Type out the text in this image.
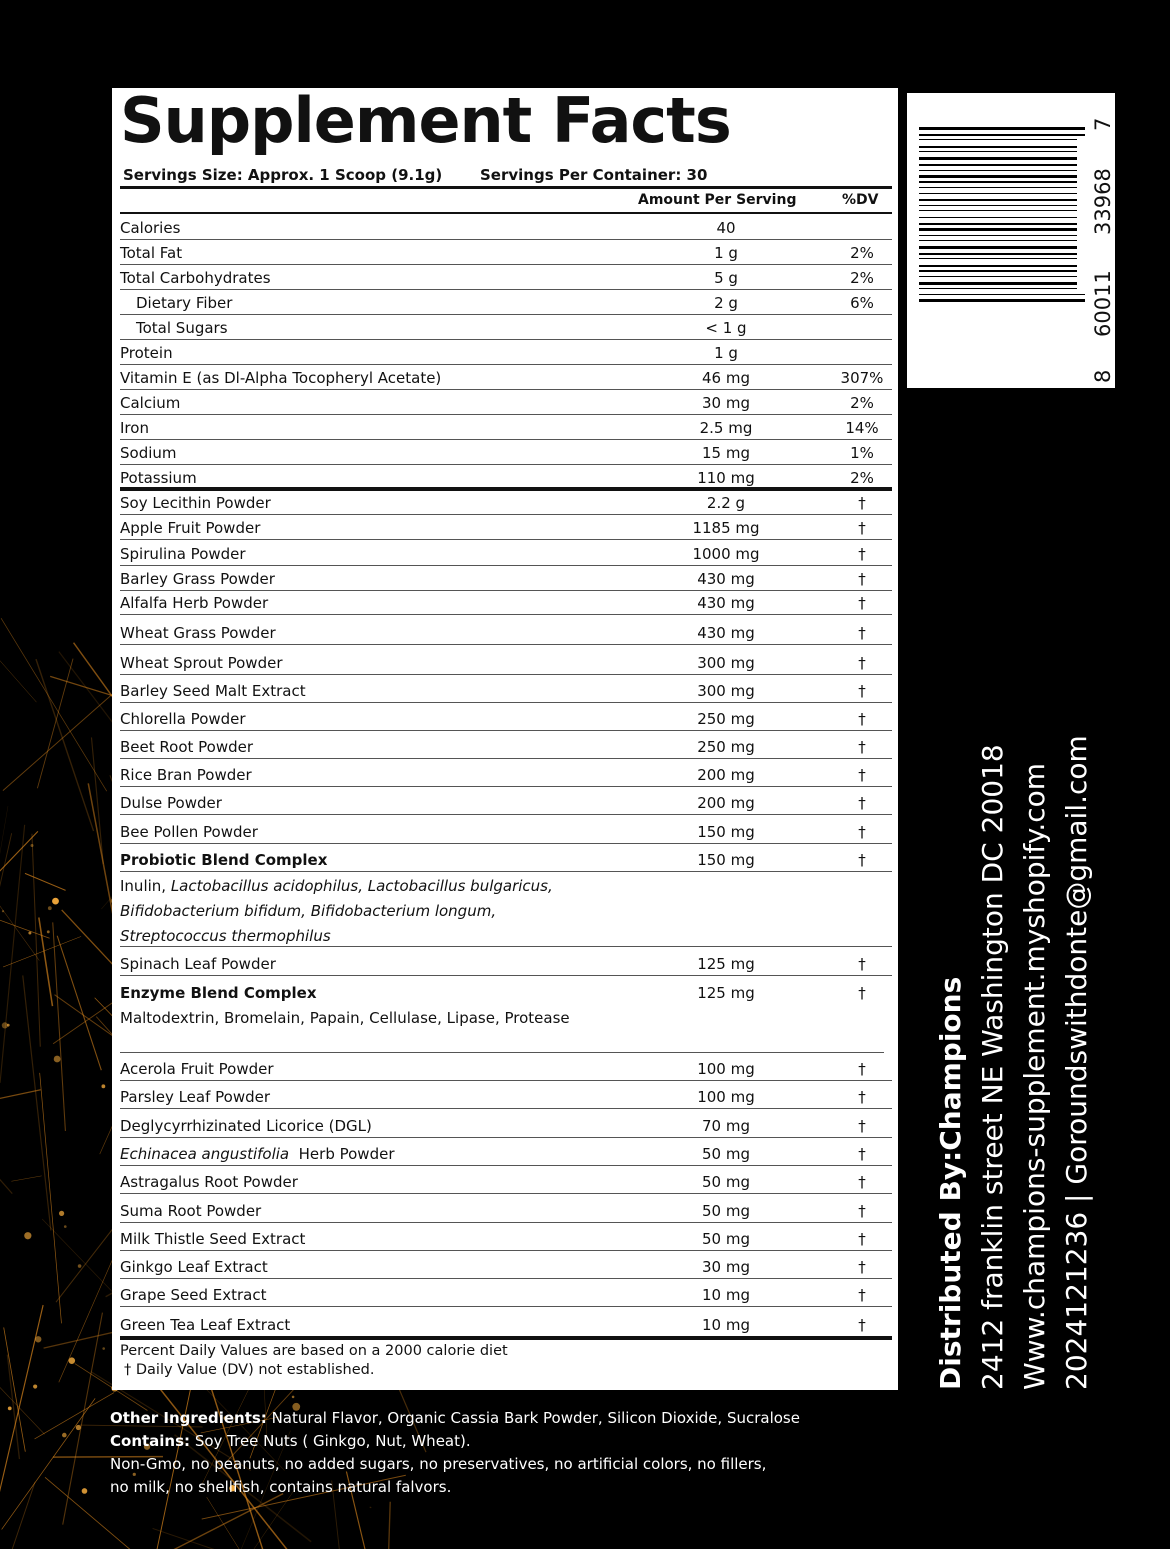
Supplement Facts
Servings Size: Approx. 1 Scoop (9.1g)	Servings Per Container: 30
Amount Per Serving	%DV
Calories	40
Total Fat	1 g	2%
Total Carbohydrates	5 g	2%
Dietary Fiber	2 g	6%
Total Sugars	< 1 g
Protein	1 g
Vitamin E (as Dl-Alpha Tocopheryl Acetate)	46 mg	307%
Calcium	30 mg	2%
Iron	2.5 mg	14%
Sodium	15 mg	1%
Potassium	110 mg	2%
Soy Lecithin Powder	2.2 g	†
Apple Fruit Powder	1185 mg	†
Spirulina Powder	1000 mg	†
Barley Grass Powder	430 mg	†
Alfalfa Herb Powder	430 mg	†
Wheat Grass Powder	430 mg	†
Wheat Sprout Powder	300 mg	†
Barley Seed Malt Extract	300 mg	†
Chlorella Powder	250 mg	†
Beet Root Powder	250 mg	†
Rice Bran Powder	200 mg	†
Dulse Powder	200 mg	†
Bee Pollen Powder	150 mg	†
Probiotic Blend Complex	150 mg	†
Inulin, Lactobacillus acidophilus, Lactobacillus bulgaricus,
Bifidobacterium bifidum, Bifidobacterium longum,
Streptococcus thermophilus
Spinach Leaf Powder	125 mg	†
Enzyme Blend Complex	125 mg	†
Maltodextrin, Bromelain, Papain, Cellulase, Lipase, Protease
Acerola Fruit Powder	100 mg	†
Parsley Leaf Powder	100 mg	†
Deglycyrrhizinated Licorice (DGL)	70 mg	†
Echinacea angustifolia Herb Powder	50 mg	†
Astragalus Root Powder	50 mg	†
Suma Root Powder	50 mg	†
Milk Thistle Seed Extract	50 mg	†
Ginkgo Leaf Extract	30 mg	†
Grape Seed Extract	10 mg	†
Green Tea Leaf Extract	10 mg	†
Percent Daily Values are based on a 2000 calorie diet
† Daily Value (DV) not established.
8
60011
33968
7
Distributed By:Champions 2412 franklin street NE Washington DC 20018 Www.champions-supplement.myshopify.com 2024121236 | Goroundswithdonte@gmail.com
Other Ingredients: Natural Flavor, Organic Cassia Bark Powder, Silicon Dioxide, Sucralose
Contains: Soy Tree Nuts ( Ginkgo, Nut, Wheat).
Non-Gmo, no peanuts, no added sugars, no preservatives, no artificial colors, no fillers,
no milk, no shellfish, contains natural falvors.
